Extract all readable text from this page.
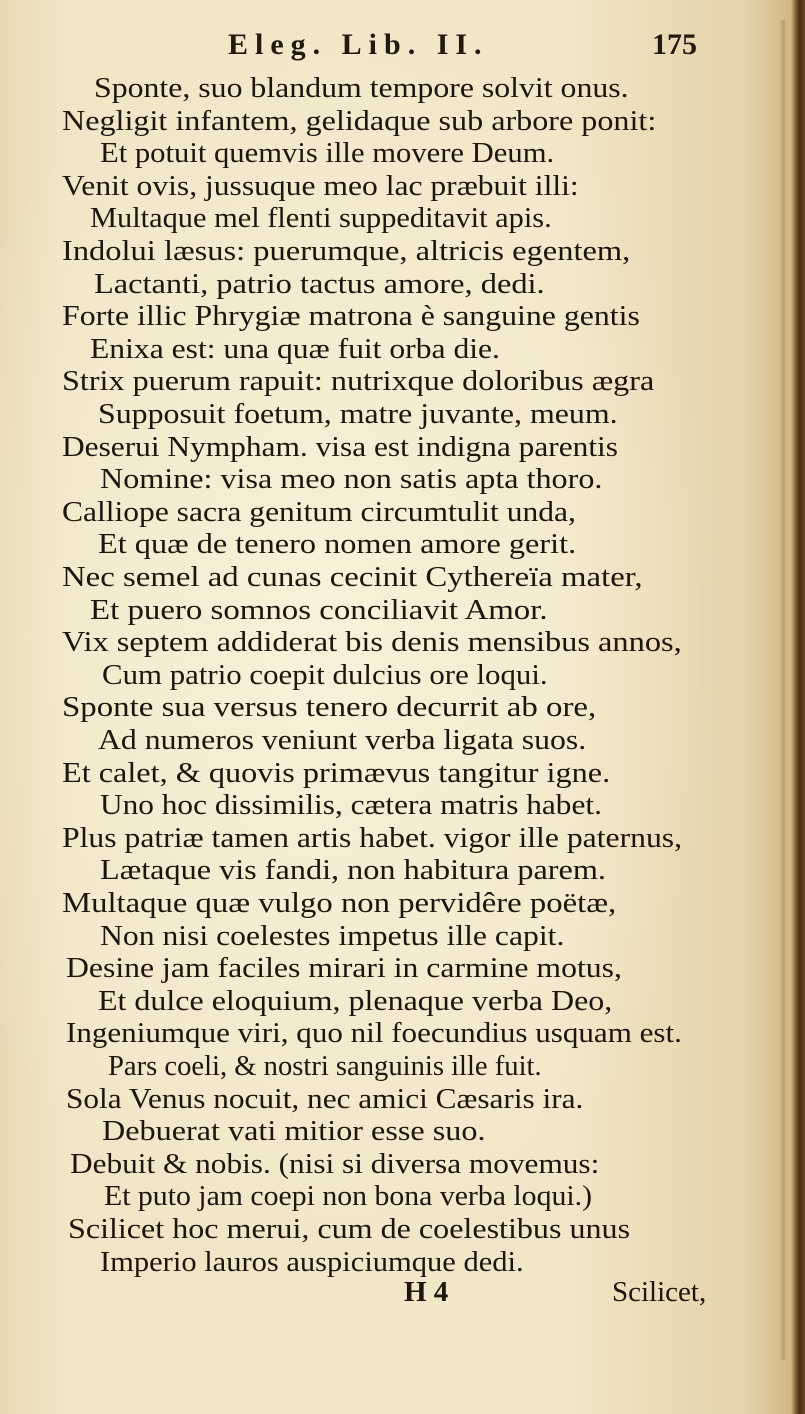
Eleg. Lib. II.	175
Sponte, suo blandum tempore solvit onus.
Negligit infantem, gelidaque sub arbore ponit:
Et potuit quemvis ille movere Deum.
Venit ovis, jussuque meo lac præbuit illi:
Multaque mel flenti suppeditavit apis.
Indolui læsus: puerumque, altricis egentem,
Lactanti, patrio tactus amore, dedi.
Forte illic Phrygiæ matrona è sanguine gentis
Enixa est: una quæ fuit orba die.
Strix puerum rapuit: nutrixque doloribus ægra
Supposuit foetum, matre juvante, meum.
Deserui Nympham. visa est indigna parentis
Nomine: visa meo non satis apta thoro.
Calliope sacra genitum circumtulit unda,
Et quæ de tenero nomen amore gerit.
Nec semel ad cunas cecinit Cythereïa mater,
Et puero somnos conciliavit Amor.
Vix septem addiderat bis denis mensibus annos,
Cum patrio coepit dulcius ore loqui.
Sponte sua versus tenero decurrit ab ore,
Ad numeros veniunt verba ligata suos.
Et calet, & quovis primævus tangitur igne.
Uno hoc dissimilis, cætera matris habet.
Plus patriæ tamen artis habet. vigor ille paternus,
Lætaque vis fandi, non habitura parem.
Multaque quæ vulgo non pervidêre poëtæ,
Non nisi coelestes impetus ille capit.
Desine jam faciles mirari in carmine motus,
Et dulce eloquium, plenaque verba Deo,
Ingeniumque viri, quo nil foecundius usquam est.
Pars coeli, & nostri sanguinis ille fuit.
Sola Venus nocuit, nec amici Cæsaris ira.
Debuerat vati mitior esse suo.
Debuit & nobis. (nisi si diversa movemus:
Et puto jam coepi non bona verba loqui.)
Scilicet hoc merui, cum de coelestibus unus
Imperio lauros auspiciumque dedi.
H 4	Scilicet,
